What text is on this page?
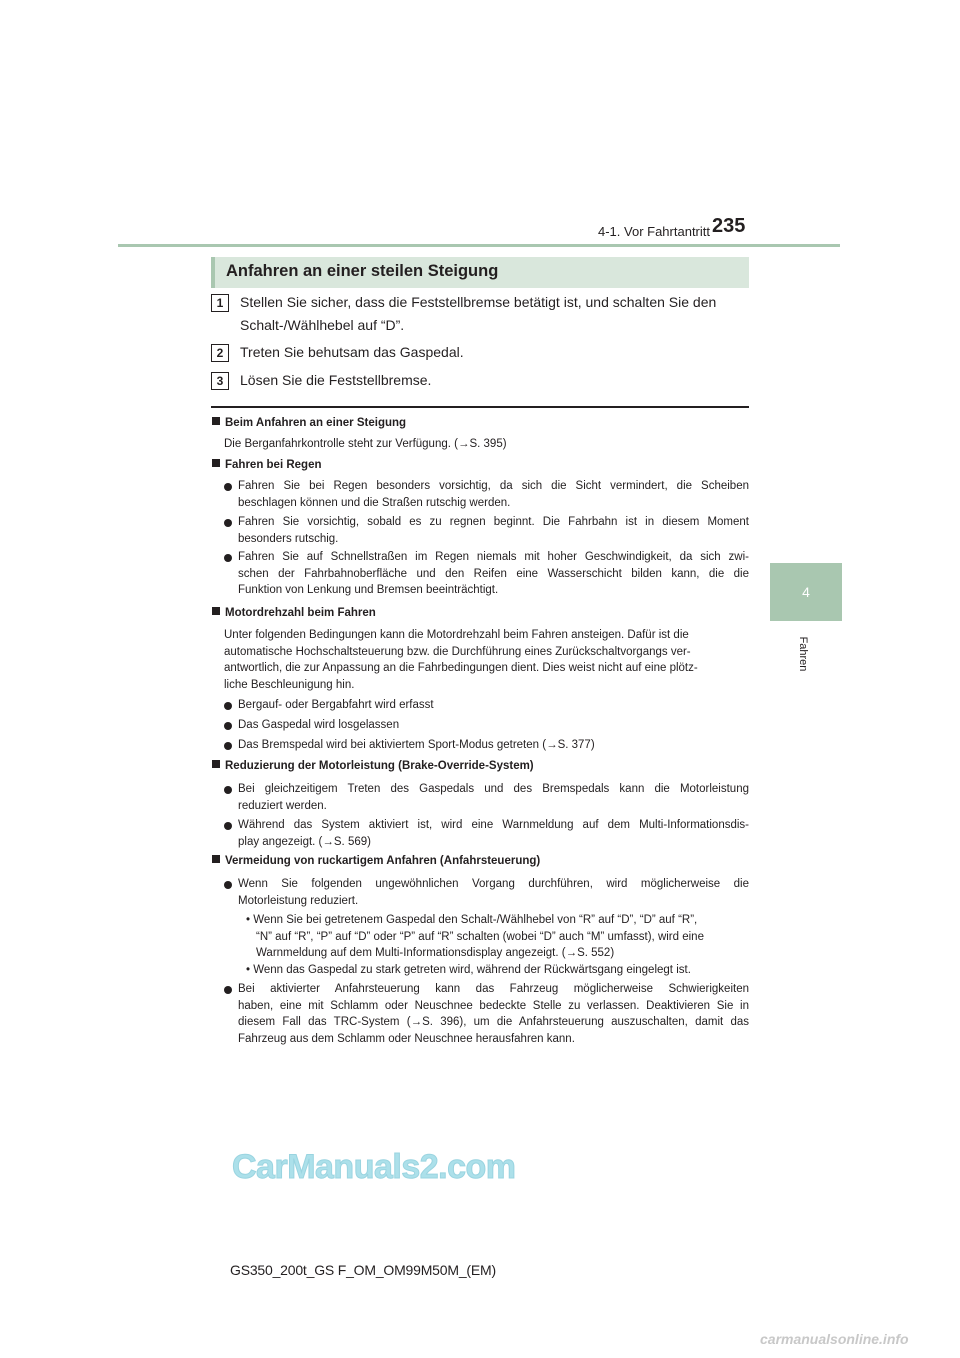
4-1. Vor Fahrtantritt 235
4
Fahren
Anfahren an einer steilen Steigung
1	Stellen Sie sicher, dass die Feststellbremse betätigt ist, und schalten Sie den
Schalt-/Wählhebel auf “D”.
2	Treten Sie behutsam das Gaspedal.
3	Lösen Sie die Feststellbremse.
Beim Anfahren an einer Steigung
Die Berganfahrkontrolle steht zur Verfügung. (→S. 395)
Fahren bei Regen
Fahren Sie bei Regen besonders vorsichtig, da sich die Sicht vermindert, die Scheiben
beschlagen können und die Straßen rutschig werden.
Fahren Sie vorsichtig, sobald es zu regnen beginnt. Die Fahrbahn ist in diesem Moment
besonders rutschig.
Fahren Sie auf Schnellstraßen im Regen niemals mit hoher Geschwindigkeit, da sich zwi-
schen der Fahrbahnoberfläche und den Reifen eine Wasserschicht bilden kann, die die
Funktion von Lenkung und Bremsen beeinträchtigt.
Motordrehzahl beim Fahren
Unter folgenden Bedingungen kann die Motordrehzahl beim Fahren ansteigen. Dafür ist die
automatische Hochschaltsteuerung bzw. die Durchführung eines Zurückschaltvorgangs ver-
antwortlich, die zur Anpassung an die Fahrbedingungen dient. Dies weist nicht auf eine plötz-
liche Beschleunigung hin.
Bergauf- oder Bergabfahrt wird erfasst
Das Gaspedal wird losgelassen
Das Bremspedal wird bei aktiviertem Sport-Modus getreten (→S. 377)
Reduzierung der Motorleistung (Brake-Override-System)
Bei gleichzeitigem Treten des Gaspedals und des Bremspedals kann die Motorleistung
reduziert werden.
Während das System aktiviert ist, wird eine Warnmeldung auf dem Multi-Informationsdis-
play angezeigt. (→S. 569)
Vermeidung von ruckartigem Anfahren (Anfahrsteuerung)
Wenn Sie folgenden ungewöhnlichen Vorgang durchführen, wird möglicherweise die
Motorleistung reduziert.
• Wenn Sie bei getretenem Gaspedal den Schalt-/Wählhebel von “R” auf “D”, “D” auf “R”,
“N” auf “R”, “P” auf “D” oder “P” auf “R” schalten (wobei “D” auch “M” umfasst), wird eine
Warnmeldung auf dem Multi-Informationsdisplay angezeigt. (→S. 552)
• Wenn das Gaspedal zu stark getreten wird, während der Rückwärtsgang eingelegt ist.
Bei aktivierter Anfahrsteuerung kann das Fahrzeug möglicherweise Schwierigkeiten
haben, eine mit Schlamm oder Neuschnee bedeckte Stelle zu verlassen. Deaktivieren Sie in
diesem Fall das TRC-System (→S. 396), um die Anfahrsteuerung auszuschalten, damit das
Fahrzeug aus dem Schlamm oder Neuschnee herausfahren kann.
CarManuals2.com
GS350_200t_GS F_OM_OM99M50M_(EM)
carmanualsonline.info
